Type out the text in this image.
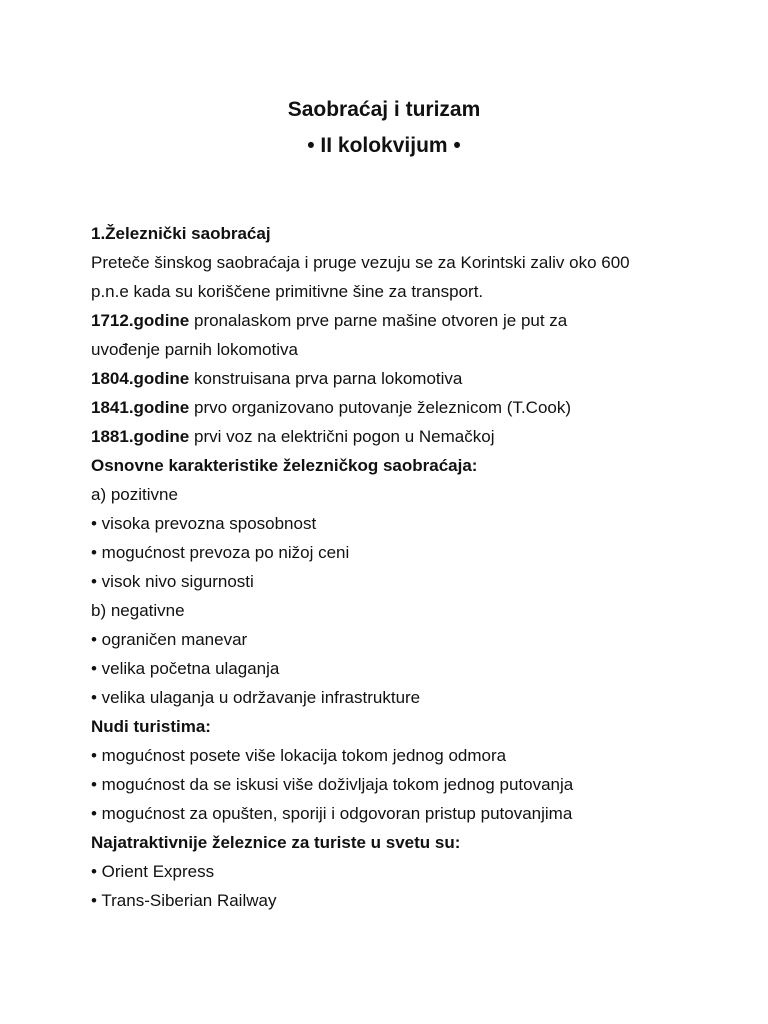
Saobraćaj i turizam
• II kolokvijum •
1.Železnički saobraćaj
Preteče šinskog saobraćaja i pruge vezuju se za Korintski zaliv oko 600
p.n.e kada su koriščene primitivne šine za transport.
1712.godine pronalaskom prve parne mašine otvoren je put za
uvođenje parnih lokomotiva
1804.godine konstruisana prva parna lokomotiva
1841.godine prvo organizovano putovanje železnicom (T.Cook)
1881.godine prvi voz na električni pogon u Nemačkoj
Osnovne karakteristike železničkog saobraćaja:
a) pozitivne
• visoka prevozna sposobnost
• mogućnost prevoza po nižoj ceni
• visok nivo sigurnosti
b) negativne
• ograničen manevar
• velika početna ulaganja
• velika ulaganja u održavanje infrastrukture
Nudi turistima:
• mogućnost posete više lokacija tokom jednog odmora
• mogućnost da se iskusi više doživljaja tokom jednog putovanja
• mogućnost za opušten, sporiji i odgovoran pristup putovanjima
Najatraktivnije železnice za turiste u svetu su:
• Orient Express
• Trans-Siberian Railway
